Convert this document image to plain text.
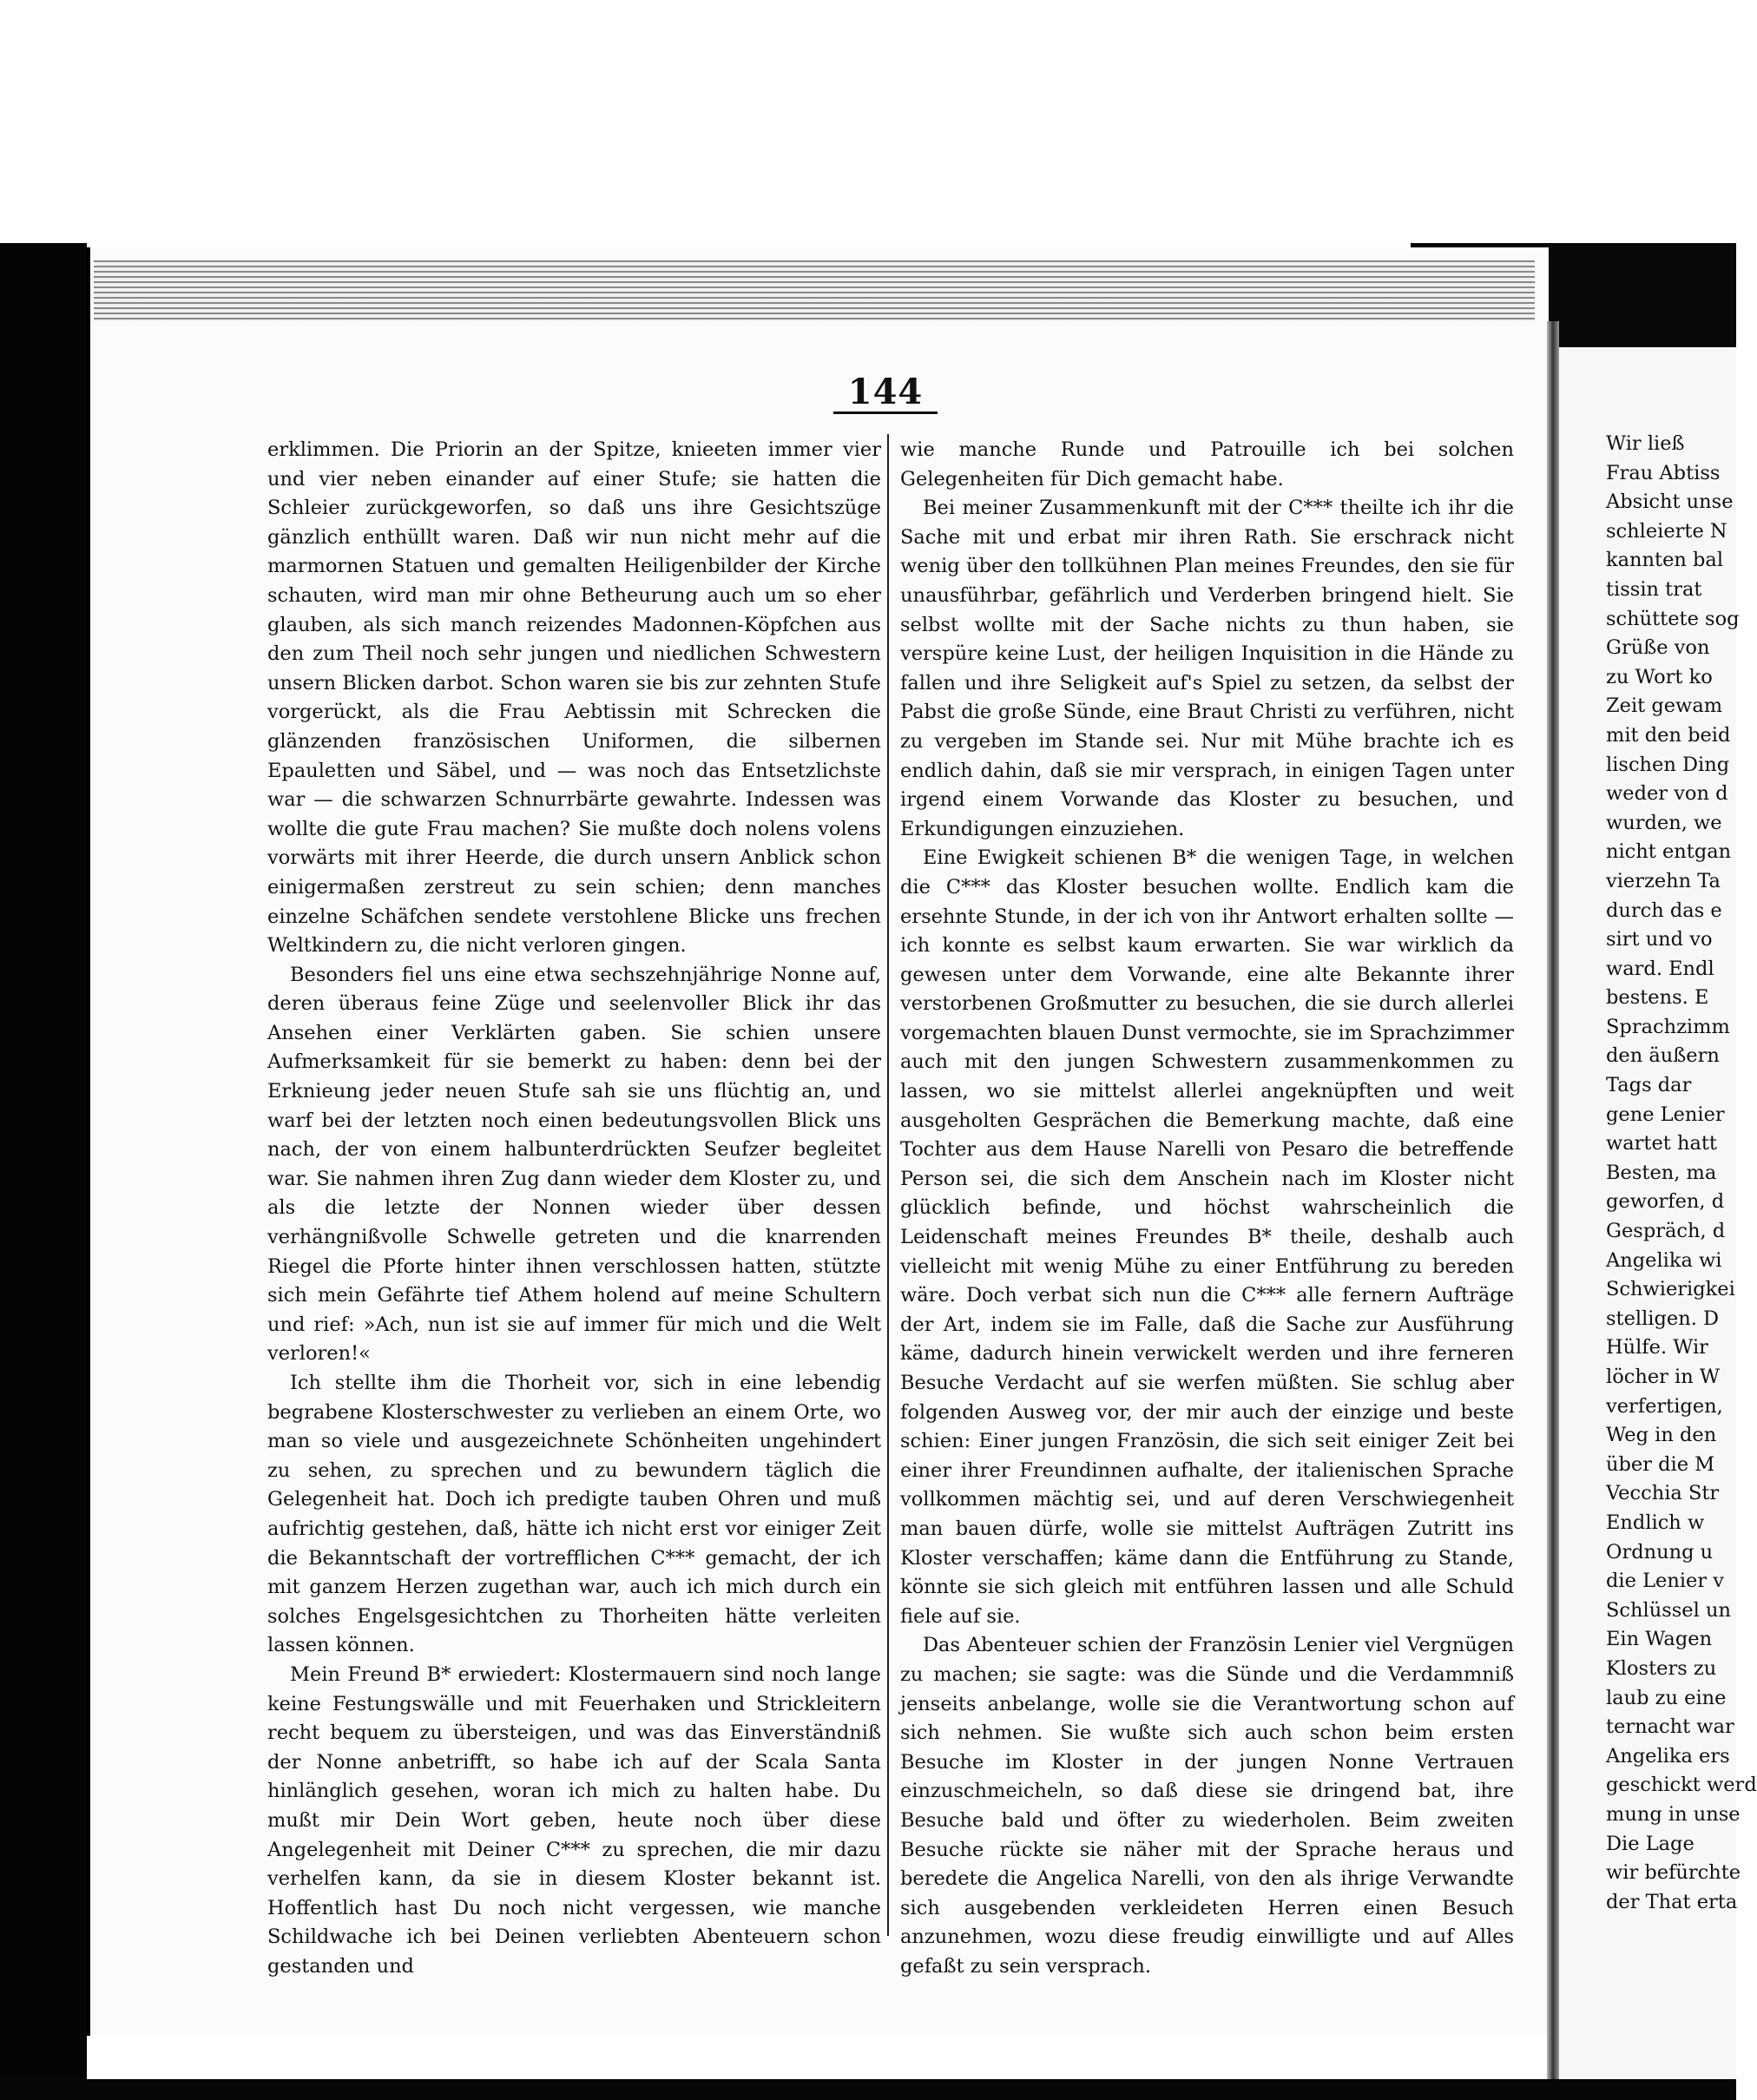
144

erklimmen. Die Priorin an der Spitze, knieeten immer vier und vier neben einander auf einer Stufe; sie hatten die Schleier zurückgeworfen, so daß uns ihre Gesichtszüge gänzlich enthüllt waren. Daß wir nun nicht mehr auf die marmornen Statuen und gemalten Heiligenbilder der Kirche schauten, wird man mir ohne Betheurung auch um so eher glauben, als sich manch reizendes Madonnen-Köpfchen aus den zum Theil noch sehr jungen und niedlichen Schwestern unsern Blicken darbot. Schon waren sie bis zur zehnten Stufe vorgerückt, als die Frau Aebtissin mit Schrecken die glänzenden französischen Uniformen, die silbernen Epauletten und Säbel, und — was noch das Entsetzlichste war — die schwarzen Schnurrbärte gewahrte. Indessen was wollte die gute Frau machen? Sie mußte doch nolens volens vorwärts mit ihrer Heerde, die durch unsern Anblick schon einigermaßen zerstreut zu sein schien; denn manches einzelne Schäfchen sendete verstohlene Blicke uns frechen Weltkindern zu, die nicht verloren gingen.

Besonders fiel uns eine etwa sechszehnjährige Nonne auf, deren überaus feine Züge und seelenvoller Blick ihr das Ansehen einer Verklärten gaben. Sie schien unsere Aufmerksamkeit für sie bemerkt zu haben: denn bei der Erknieung jeder neuen Stufe sah sie uns flüchtig an, und warf bei der letzten noch einen bedeutungsvollen Blick uns nach, der von einem halbunterdrückten Seufzer begleitet war. Sie nahmen ihren Zug dann wieder dem Kloster zu, und als die letzte der Nonnen wieder über dessen verhängnißvolle Schwelle getreten und die knarrenden Riegel die Pforte hinter ihnen verschlossen hatten, stützte sich mein Gefährte tief Athem holend auf meine Schultern und rief: »Ach, nun ist sie auf immer für mich und die Welt verloren!«

Ich stellte ihm die Thorheit vor, sich in eine lebendig begrabene Klosterschwester zu verlieben an einem Orte, wo man so viele und ausgezeichnete Schönheiten ungehindert zu sehen, zu sprechen und zu bewundern täglich die Gelegenheit hat. Doch ich predigte tauben Ohren und muß aufrichtig gestehen, daß, hätte ich nicht erst vor einiger Zeit die Bekanntschaft der vortrefflichen C*** gemacht, der ich mit ganzem Herzen zugethan war, auch ich mich durch ein solches Engelsgesichtchen zu Thorheiten hätte verleiten lassen können.

Mein Freund B* erwiedert: Klostermauern sind noch lange keine Festungswälle und mit Feuerhaken und Strickleitern recht bequem zu übersteigen, und was das Einverständniß der Nonne anbetrifft, so habe ich auf der Scala Santa hinlänglich gesehen, woran ich mich zu halten habe. Du mußt mir Dein Wort geben, heute noch über diese Angelegenheit mit Deiner C*** zu sprechen, die mir dazu verhelfen kann, da sie in diesem Kloster bekannt ist. Hoffentlich hast Du noch nicht vergessen, wie manche Schildwache ich bei Deinen verliebten Abenteuern schon gestanden und

wie manche Runde und Patrouille ich bei solchen Gelegenheiten für Dich gemacht habe.

Bei meiner Zusammenkunft mit der C*** theilte ich ihr die Sache mit und erbat mir ihren Rath. Sie erschrack nicht wenig über den tollkühnen Plan meines Freundes, den sie für unausführbar, gefährlich und Verderben bringend hielt. Sie selbst wollte mit der Sache nichts zu thun haben, sie verspüre keine Lust, der heiligen Inquisition in die Hände zu fallen und ihre Seligkeit auf's Spiel zu setzen, da selbst der Pabst die große Sünde, eine Braut Christi zu verführen, nicht zu vergeben im Stande sei. Nur mit Mühe brachte ich es endlich dahin, daß sie mir versprach, in einigen Tagen unter irgend einem Vorwande das Kloster zu besuchen, und Erkundigungen einzuziehen.

Eine Ewigkeit schienen B* die wenigen Tage, in welchen die C*** das Kloster besuchen wollte. Endlich kam die ersehnte Stunde, in der ich von ihr Antwort erhalten sollte — ich konnte es selbst kaum erwarten. Sie war wirklich da gewesen unter dem Vorwande, eine alte Bekannte ihrer verstorbenen Großmutter zu besuchen, die sie durch allerlei vorgemachten blauen Dunst vermochte, sie im Sprachzimmer auch mit den jungen Schwestern zusammenkommen zu lassen, wo sie mittelst allerlei angeknüpften und weit ausgeholten Gesprächen die Bemerkung machte, daß eine Tochter aus dem Hause Narelli von Pesaro die betreffende Person sei, die sich dem Anschein nach im Kloster nicht glücklich befinde, und höchst wahrscheinlich die Leidenschaft meines Freundes B* theile, deshalb auch vielleicht mit wenig Mühe zu einer Entführung zu bereden wäre. Doch verbat sich nun die C*** alle fernern Aufträge der Art, indem sie im Falle, daß die Sache zur Ausführung käme, dadurch hinein verwickelt werden und ihre ferneren Besuche Verdacht auf sie werfen müßten. Sie schlug aber folgenden Ausweg vor, der mir auch der einzige und beste schien: Einer jungen Französin, die sich seit einiger Zeit bei einer ihrer Freundinnen aufhalte, der italienischen Sprache vollkommen mächtig sei, und auf deren Verschwiegenheit man bauen dürfe, wolle sie mittelst Aufträgen Zutritt ins Kloster verschaffen; käme dann die Entführung zu Stande, könnte sie sich gleich mit entführen lassen und alle Schuld fiele auf sie.

Das Abenteuer schien der Französin Lenier viel Vergnügen zu machen; sie sagte: was die Sünde und die Verdammniß jenseits anbelange, wolle sie die Verantwortung schon auf sich nehmen. Sie wußte sich auch schon beim ersten Besuche im Kloster in der jungen Nonne Vertrauen einzuschmeicheln, so daß diese sie dringend bat, ihre Besuche bald und öfter zu wiederholen. Beim zweiten Besuche rückte sie näher mit der Sprache heraus und beredete die Angelica Narelli, von den als ihrige Verwandte sich ausgebenden verkleideten Herren einen Besuch anzunehmen, wozu diese freudig einwilligte und auf Alles gefaßt zu sein versprach.

Wir ließ
Frau Abtiss
Absicht unse
schleierte N
kannten bal
tissin trat
schüttete sog
Grüße von
zu Wort ko
Zeit gewam
mit den beid
lischen Ding
weder von d
wurden, we
nicht entgan
vierzehn Ta
durch das e
sirt und vo
ward. Endl
bestens. E
Sprachzimm
den äußern
Tags dar
gene Lenier
wartet hatt
Besten, ma
geworfen, d
Gespräch, d
Angelika wi
Schwierigkei
stelligen. D
Hülfe. Wir
löcher in W
verfertigen,
Weg in den
über die M
Vecchia Str
Endlich w
Ordnung u
die Lenier v
Schlüssel un
Ein Wagen
Klosters zu
laub zu eine
ternacht war
Angelika ers
geschickt werd
mung in unse
Die Lage
wir befürchte
der That erta
